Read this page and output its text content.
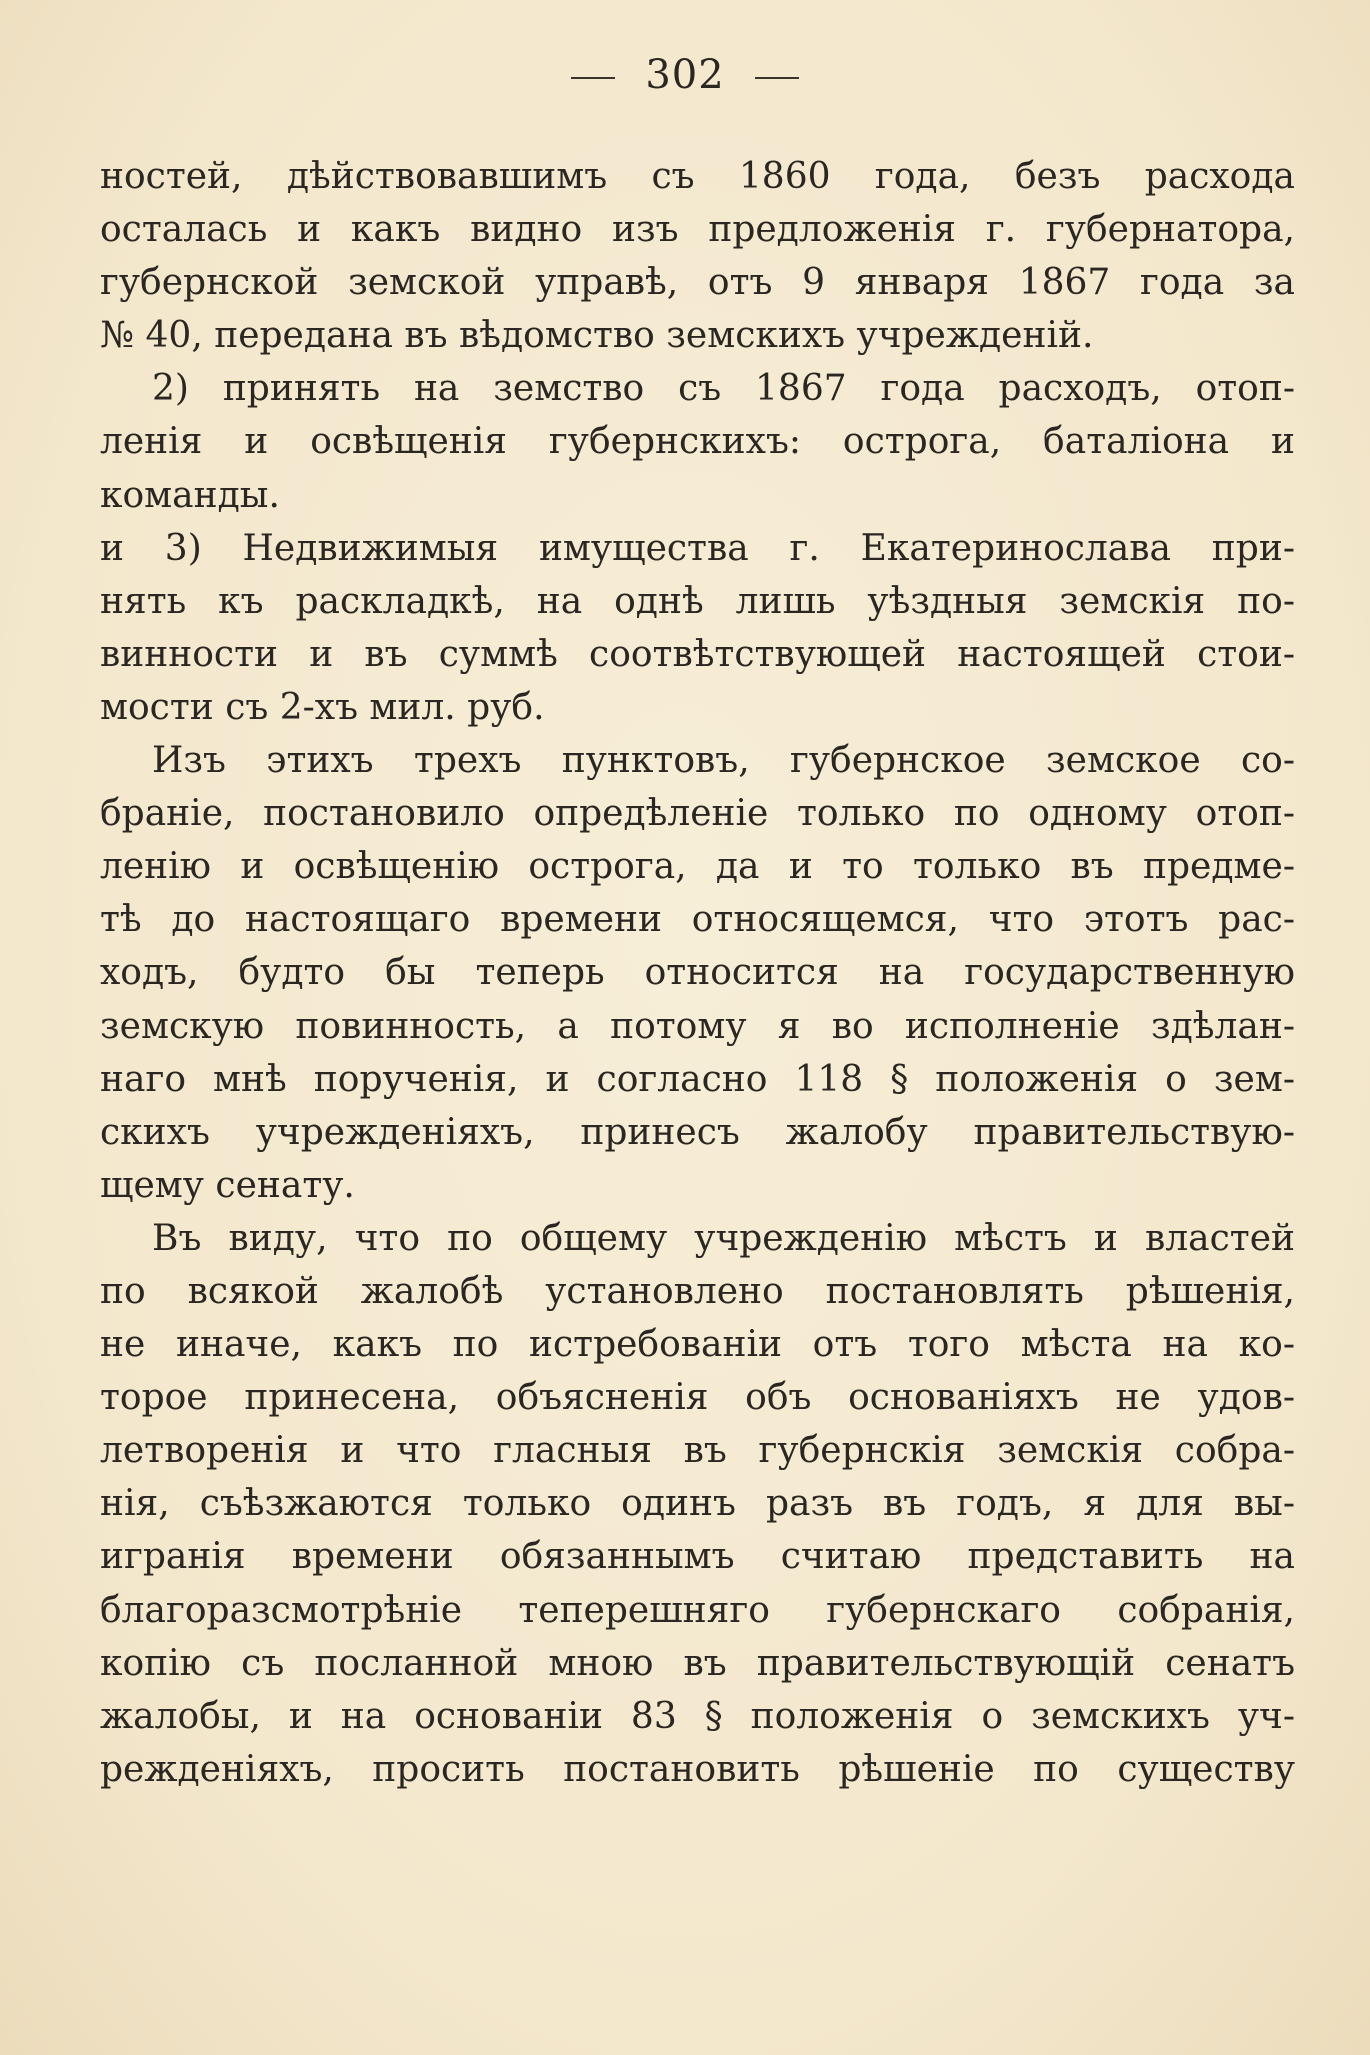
302
ностей, дѣйствовавшимъ съ 1860 года, безъ расхода
осталась и какъ видно изъ предложенія г. губернатора,
губернской земской управѣ, отъ 9 января 1867 года за
№ 40, передана въ вѣдомство земскихъ учрежденій.
2) принять на земство съ 1867 года расходъ, отоп-
ленія и освѣщенія губернскихъ: острога, баталіона и
команды.
и 3) Недвижимыя имущества г. Екатеринослава при-
нять къ раскладкѣ, на однѣ лишь уѣздныя земскія по-
винности и въ суммѣ соотвѣтствующей настоящей стои-
мости съ 2-хъ мил. руб.
Изъ этихъ трехъ пунктовъ, губернское земское со-
браніе, постановило опредѣленіе только по одному отоп-
ленію и освѣщенію острога, да и то только въ предме-
тѣ до настоящаго времени относящемся, что этотъ рас-
ходъ, будто бы теперь относится на государственную
земскую повинность, а потому я во исполненіе здѣлан-
наго мнѣ порученія, и согласно 118 § положенія о зем-
скихъ учрежденіяхъ, принесъ жалобу правительствую-
щему сенату.
Въ виду, что по общему учрежденію мѣстъ и властей
по всякой жалобѣ установлено постановлять рѣшенія,
не иначе, какъ по истребованіи отъ того мѣста на ко-
торое принесена, объясненія объ основаніяхъ не удов-
летворенія и что гласныя въ губернскія земскія собра-
нія, съѣзжаются только одинъ разъ въ годъ, я для вы-
игранія времени обязаннымъ считаю представить на
благоразсмотрѣніе теперешняго губернскаго собранія,
копію съ посланной мною въ правительствующій сенатъ
жалобы, и на основаніи 83 § положенія о земскихъ уч-
режденіяхъ, просить постановить рѣшеніе по существу
